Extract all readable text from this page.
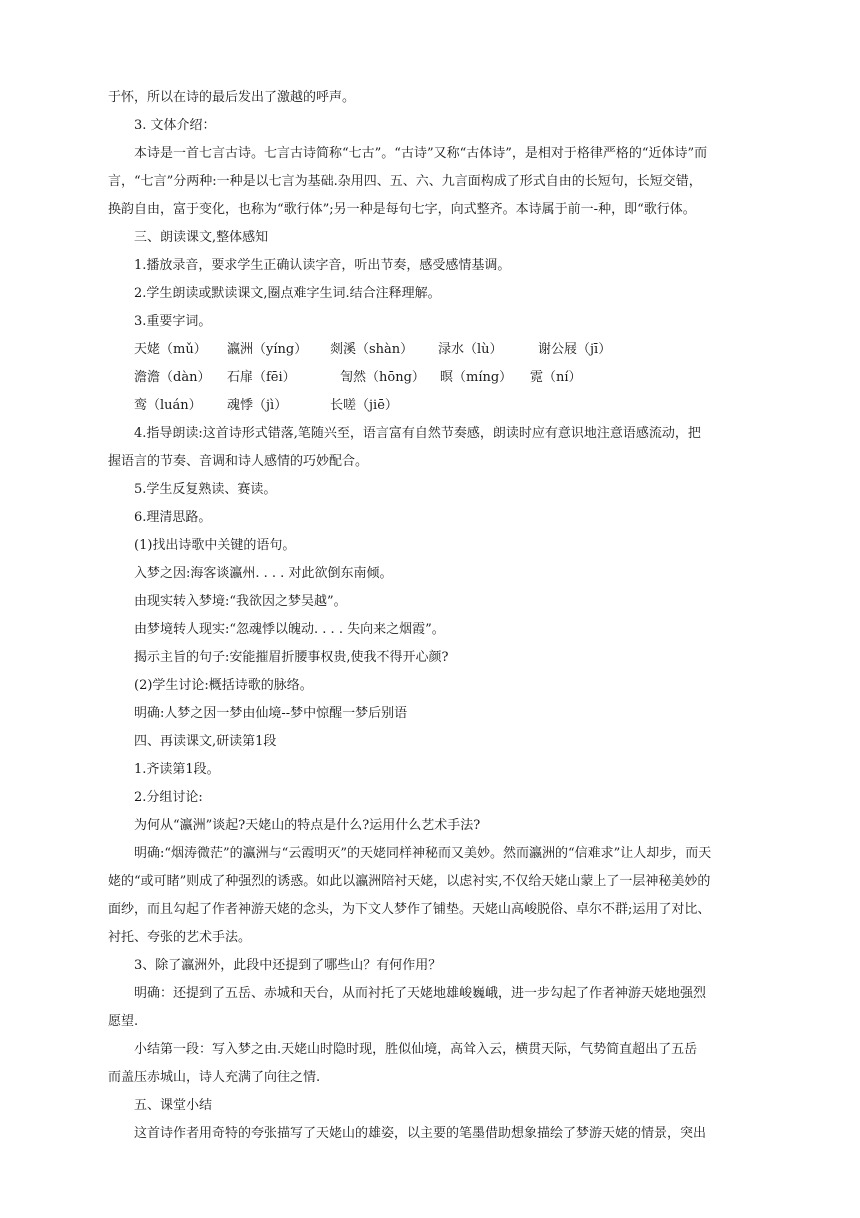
于怀，所以在诗的最后发出了激越的呼声。
3. 文体介绍：
本诗是一首七言古诗。七言古诗简称“七古”。“古诗”又称“古体诗”，是相对于格律严格的“近体诗”而
言，“七言”分两种:一种是以七言为基础.杂用四、五、六、九言面构成了形式自由的长短句，长短交错，
换韵自由，富于变化，也称为“歌行体”;另一种是每句七字，向式整齐。本诗属于前一-种，即“歌行体。
三、朗读课文,整体感知
1.播放录音，要求学生正确认读字音，听出节奏，感受感情基调。
2.学生朗读或默读课文,圈点难字生词.结合注释理解。
3.重要字词。
天姥（mǔ） 瀛洲（yíng） 剡溪（shàn） 渌水（lù）	谢公屐（jī）
澹澹（dàn） 石扉（fēi）	訇然（hōng） 暝（míng） 霓（ní）
鸾（luán） 魂悸（jì）	长嗟（jiē）
4.指导朗读:这首诗形式错落,笔随兴至，语言富有自然节奏感，朗读时应有意识地注意语感流动，把
握语言的节奏、音调和诗人感情的巧妙配合。
5.学生反复熟读、赛读。
6.理清思路。
(1)找出诗歌中关键的语句。
入梦之因:海客谈瀛州. . . . 对此欲倒东南倾。
由现实转入梦境:“我欲因之梦吴越”。
由梦境转人现实:“忽魂悸以魄动. . . . 失向来之烟霞”。
揭示主旨的句子:安能摧眉折腰事权贵,使我不得开心颜?
(2)学生讨论:概括诗歌的脉络。
明确:人梦之因一梦由仙境--梦中惊醒一梦后别语
四、再读课文,研读第1段
1.齐读第1段。
2.分组讨论:
为何从“瀛洲”谈起?天姥山的特点是什么?运用什么艺术手法?
明确:“烟涛微茫”的瀛洲与“云霞明灭”的天姥同样神秘而又美妙。然而瀛洲的“信难求”让人却步，而天
姥的“或可睹”则成了种强烈的诱惑。如此以瀛洲陪衬天姥，以虑衬实,不仅给天姥山蒙上了一层神秘美妙的
面纱，而且勾起了作者神游天姥的念头，为下文人梦作了铺垫。天姥山高峻脱俗、卓尔不群;运用了对比、
衬托、夸张的艺术手法。
3、除了瀛洲外，此段中还提到了哪些山？有何作用？
明确：还提到了五岳、赤城和天台，从而衬托了天姥地雄峻巍峨，进一步勾起了作者神游天姥地强烈
愿望.
小结第一段：写入梦之由.天姥山时隐时现，胜似仙境，高耸入云，横贯天际，气势简直超出了五岳
而盖压赤城山，诗人充满了向往之情.
五、课堂小结
这首诗作者用奇特的夸张描写了天姥山的雄姿，以主要的笔墨借助想象描绘了梦游天姥的情景，突出
